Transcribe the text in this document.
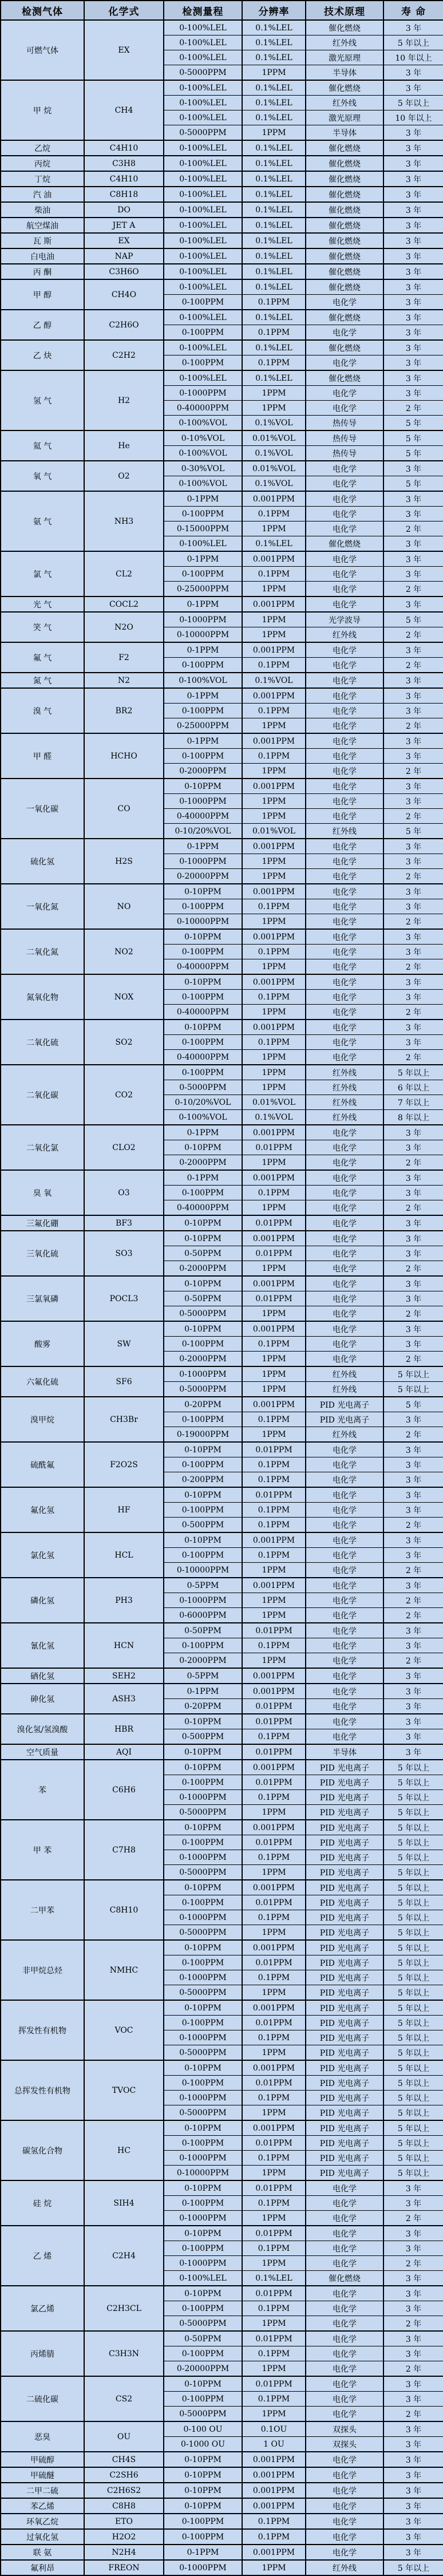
检测气体	化学式	检测量程	分辨率	技术原理	寿 命
可燃气体	EX	0-100%LEL	0.1%LEL	催化燃烧	3 年
		0-100%LEL	0.1%LEL	红外线	5 年以上
		0-100%LEL	0.1%LEL	激光原理	10 年以上
		0-5000PPM	1PPM	半导体	3 年
甲 烷	CH4	0-100%LEL	0.1%LEL	催化燃烧	3 年
		0-100%LEL	0.1%LEL	红外线	5 年以上
		0-100%LEL	0.1%LEL	激光原理	10 年以上
		0-5000PPM	1PPM	半导体	3 年
乙烷	C4H10	0-100%LEL	0.1%LEL	催化燃烧	3 年
丙烷	C3H8	0-100%LEL	0.1%LEL	催化燃烧	3 年
丁烷	C4H10	0-100%LEL	0.1%LEL	催化燃烧	3 年
汽 油	C8H18	0-100%LEL	0.1%LEL	催化燃烧	3 年
柴油	DO	0-100%LEL	0.1%LEL	催化燃烧	3 年
航空煤油	JET A	0-100%LEL	0.1%LEL	催化燃烧	3 年
瓦 斯	EX	0-100%LEL	0.1%LEL	催化燃烧	3 年
白电油	NAP	0-100%LEL	0.1%LEL	催化燃烧	3 年
丙 酮	C3H6O	0-100%LEL	0.1%LEL	催化燃烧	3 年
甲 醇	CH4O	0-100%LEL	0.1%LEL	催化燃烧	3 年
		0-100PPM	0.1PPM	电化学	3 年
乙 醇	C2H6O	0-100%LEL	0.1%LEL	催化燃烧	3 年
		0-100PPM	0.1PPM	电化学	3 年
乙 炔	C2H2	0-100%LEL	0.1%LEL	催化燃烧	3 年
		0-100PPM	0.1PPM	电化学	3 年
氢 气	H2	0-100%LEL	0.1%LEL	催化燃烧	3 年
		0-1000PPM	1PPM	电化学	3 年
		0-40000PPM	1PPM	电化学	2 年
		0-100%VOL	0.1%VOL	热传导	5 年
氦 气	He	0-10%VOL	0.01%VOL	热传导	5 年
		0-100%VOL	0.1%VOL	热传导	5 年
氧 气	O2	0-30%VOL	0.01%VOL	电化学	3 年
		0-100%VOL	0.1%VOL	电化学	5 年
氨 气	NH3	0-1PPM	0.001PPM	电化学	3 年
		0-100PPM	0.1PPM	电化学	3 年
		0-15000PPM	1PPM	电化学	2 年
		0-100%LEL	0.1%LEL	催化燃烧	3 年
氯 气	CL2	0-1PPM	0.001PPM	电化学	3 年
		0-100PPM	0.1PPM	电化学	3 年
		0-25000PPM	1PPM	电化学	2 年
光 气	COCL2	0-1PPM	0.001PPM	电化学	3 年
笑 气	N2O	0-1000PPM	1PPM	光学波导	5 年
		0-10000PPM	1PPM	红外线	2 年
氟 气	F2	0-1PPM	0.001PPM	电化学	3 年
		0-100PPM	0.1PPM	电化学	2 年
氮 气	N2	0-100%VOL	0.1%VOL	电化学	3 年
溴 气	BR2	0-1PPM	0.001PPM	电化学	3 年
		0-100PPM	0.1PPM	电化学	3 年
		0-25000PPM	1PPM	电化学	2 年
甲 醛	HCHO	0-1PPM	0.001PPM	电化学	3 年
		0-100PPM	0.1PPM	电化学	3 年
		0-2000PPM	1PPM	电化学	2 年
一氧化碳	CO	0-10PPM	0.001PPM	电化学	3 年
		0-1000PPM	1PPM	电化学	3 年
		0-40000PPM	1PPM	电化学	2 年
		0-10/20%VOL	0.01%VOL	红外线	5 年
硫化氢	H2S	0-1PPM	0.001PPM	电化学	3 年
		0-1000PPM	1PPM	电化学	3 年
		0-20000PPM	1PPM	电化学	2 年
一氧化氮	NO	0-10PPM	0.001PPM	电化学	3 年
		0-100PPM	0.1PPM	电化学	3 年
		0-10000PPM	1PPM	电化学	2 年
二氧化氮	NO2	0-10PPM	0.001PPM	电化学	3 年
		0-100PPM	0.1PPM	电化学	3 年
		0-40000PPM	1PPM	电化学	2 年
氮氧化物	NOX	0-10PPM	0.001PPM	电化学	3 年
		0-100PPM	0.1PPM	电化学	3 年
		0-40000PPM	1PPM	电化学	2 年
二氧化硫	SO2	0-10PPM	0.001PPM	电化学	3 年
		0-100PPM	0.1PPM	电化学	3 年
		0-40000PPM	1PPM	电化学	2 年
二氧化碳	CO2	0-100PPM	1PPM	红外线	5 年以上
		0-5000PPM	1PPM	红外线	6 年以上
		0-10/20%VOL	0.01%VOL	红外线	7 年以上
		0-100%VOL	0.1%VOL	红外线	8 年以上
二氧化氯	CLO2	0-1PPM	0.001PPM	电化学	3 年
		0-10PPM	0.01PPM	电化学	3 年
		0-2000PPM	1PPM	电化学	2 年
臭 氧	O3	0-1PPM	0.001PPM	电化学	3 年
		0-100PPM	0.1PPM	电化学	3 年
		0-40000PPM	1PPM	电化学	2 年
三氟化硼	BF3	0-10PPM	0.01PPM	电化学	3 年
三氧化硫	SO3	0-10PPM	0.001PPM	电化学	3 年
		0-50PPM	0.01PPM	电化学	3 年
		0-2000PPM	1PPM	电化学	2 年
三氯氧磷	POCL3	0-10PPM	0.001PPM	电化学	3 年
		0-50PPM	0.01PPM	电化学	3 年
		0-5000PPM	1PPM	电化学	2 年
酸雾	SW	0-10PPM	0.001PPM	电化学	3 年
		0-100PPM	0.1PPM	电化学	3 年
		0-2000PPM	1PPM	电化学	2 年
六氟化硫	SF6	0-1000PPM	1PPM	红外线	5 年以上
		0-5000PPM	1PPM	红外线	5 年以上
溴甲烷	CH3Br	0-20PPM	0.001PPM	PID 光电离子	5 年
		0-100PPM	0.1PPM	PID 光电离子	3 年
		0-19000PPM	1PPM	红外线	2 年
硫酰氟	F2O2S	0-10PPM	0.01PPM	电化学	3 年
		0-100PPM	0.1PPM	电化学	3 年
		0-200PPM	0.1PPM	电化学	3 年
氟化氢	HF	0-10PPM	0.01PPM	电化学	3 年
		0-100PPM	0.1PPM	电化学	3 年
		0-500PPM	0.1PPM	电化学	2 年
氯化氢	HCL	0-10PPM	0.001PPM	电化学	3 年
		0-100PPM	0.1PPM	电化学	3 年
		0-10000PPM	1PPM	电化学	2 年
磷化氢	PH3	0-5PPM	0.001PPM	电化学	3 年
		0-1000PPM	1PPM	电化学	2 年
		0-6000PPM	1PPM	电化学	2 年
氰化氢	HCN	0-50PPM	0.01PPM	电化学	3 年
		0-100PPM	0.1PPM	电化学	3 年
		0-2000PPM	1PPM	电化学	2 年
硒化氢	SEH2	0-5PPM	0.001PPM	电化学	3 年
砷化氢	ASH3	0-1PPM	0.001PPM	电化学	3 年
		0-20PPM	0.01PPM	电化学	3 年
溴化氢/氢溴酸	HBR	0-10PPM	0.01PPM	电化学	3 年
		0-500PPM	0.1PPM	电化学	3 年
空气质量	AQI	0-10PPM	0.01PPM	半导体	3 年
苯	C6H6	0-10PPM	0.001PPM	PID 光电离子	5 年以上
		0-100PPM	0.01PPM	PID 光电离子	5 年以上
		0-1000PPM	0.1PPM	PID 光电离子	5 年以上
		0-5000PPM	1PPM	PID 光电离子	5 年以上
甲 苯	C7H8	0-10PPM	0.001PPM	PID 光电离子	5 年以上
		0-100PPM	0.01PPM	PID 光电离子	5 年以上
		0-1000PPM	0.1PPM	PID 光电离子	5 年以上
		0-5000PPM	1PPM	PID 光电离子	5 年以上
二甲苯	C8H10	0-10PPM	0.001PPM	PID 光电离子	5 年以上
		0-100PPM	0.01PPM	PID 光电离子	5 年以上
		0-1000PPM	0.1PPM	PID 光电离子	5 年以上
		0-5000PPM	1PPM	PID 光电离子	5 年以上
非甲烷总烃	NMHC	0-10PPM	0.001PPM	PID 光电离子	5 年以上
		0-100PPM	0.01PPM	PID 光电离子	5 年以上
		0-1000PPM	0.1PPM	PID 光电离子	5 年以上
		0-5000PPM	1PPM	PID 光电离子	5 年以上
挥发性有机物	VOC	0-10PPM	0.001PPM	PID 光电离子	5 年以上
		0-100PPM	0.01PPM	PID 光电离子	5 年以上
		0-1000PPM	0.1PPM	PID 光电离子	5 年以上
		0-5000PPM	1PPM	PID 光电离子	5 年以上
总挥发性有机物	TVOC	0-10PPM	0.001PPM	PID 光电离子	5 年以上
		0-100PPM	0.01PPM	PID 光电离子	5 年以上
		0-1000PPM	0.1PPM	PID 光电离子	5 年以上
		0-5000PPM	1PPM	PID 光电离子	5 年以上
碳氢化合物	HC	0-10PPM	0.001PPM	PID 光电离子	5 年以上
		0-100PPM	0.01PPM	PID 光电离子	5 年以上
		0-1000PPM	0.1PPM	PID 光电离子	5 年以上
		0-10000PPM	1PPM	PID 光电离子	5 年以上
硅 烷	SIH4	0-10PPM	0.01PPM	电化学	3 年
		0-100PPM	0.1PPM	电化学	3 年
		0-1000PPM	1PPM	电化学	2 年
乙 烯	C2H4	0-10PPM	0.01PPM	电化学	3 年
		0-100PPM	0.1PPM	电化学	3 年
		0-1000PPM	1PPM	电化学	2 年
		0-100%LEL	0.1%LEL	催化燃烧	3 年
氯乙烯	C2H3CL	0-10PPM	0.01PPM	电化学	3 年
		0-100PPM	0.1PPM	电化学	3 年
		0-5000PPM	1PPM	电化学	2 年
丙烯腈	C3H3N	0-50PPM	0.01PPM	电化学	3 年
		0-100PPM	0.1PPM	电化学	3 年
		0-20000PPM	1PPM	电化学	2 年
二硫化碳	CS2	0-10PPM	0.01PPM	电化学	3 年
		0-100PPM	0.1PPM	电化学	3 年
		0-5000PPM	1PPM	电化学	2 年
恶臭	OU	0-100 OU	0.1OU	双探头	3 年
		0-1000 OU	1 OU	双探头	3 年
甲硫醇	CH4S	0-10PPM	0.001PPM	电化学	3 年
甲硫醚	C2SH6	0-10PPM	0.001PPM	电化学	3 年
二甲二硫	C2H6S2	0-10PPM	0.001PPM	电化学	3 年
苯乙烯	C8H8	0-10PPM	0.001PPM	电化学	3 年
环氧乙烷	ETO	0-100PPM	0.1PPM	电化学	3 年
过氧化氢	H2O2	0-100PPM	0.1PPM	电化学	3 年
联 氨	N2H4	0-1PPM	0.001PPM	电化学	3 年
氟利昂	FREON	0-1000PPM	1PPM	红外线	5 年以上
